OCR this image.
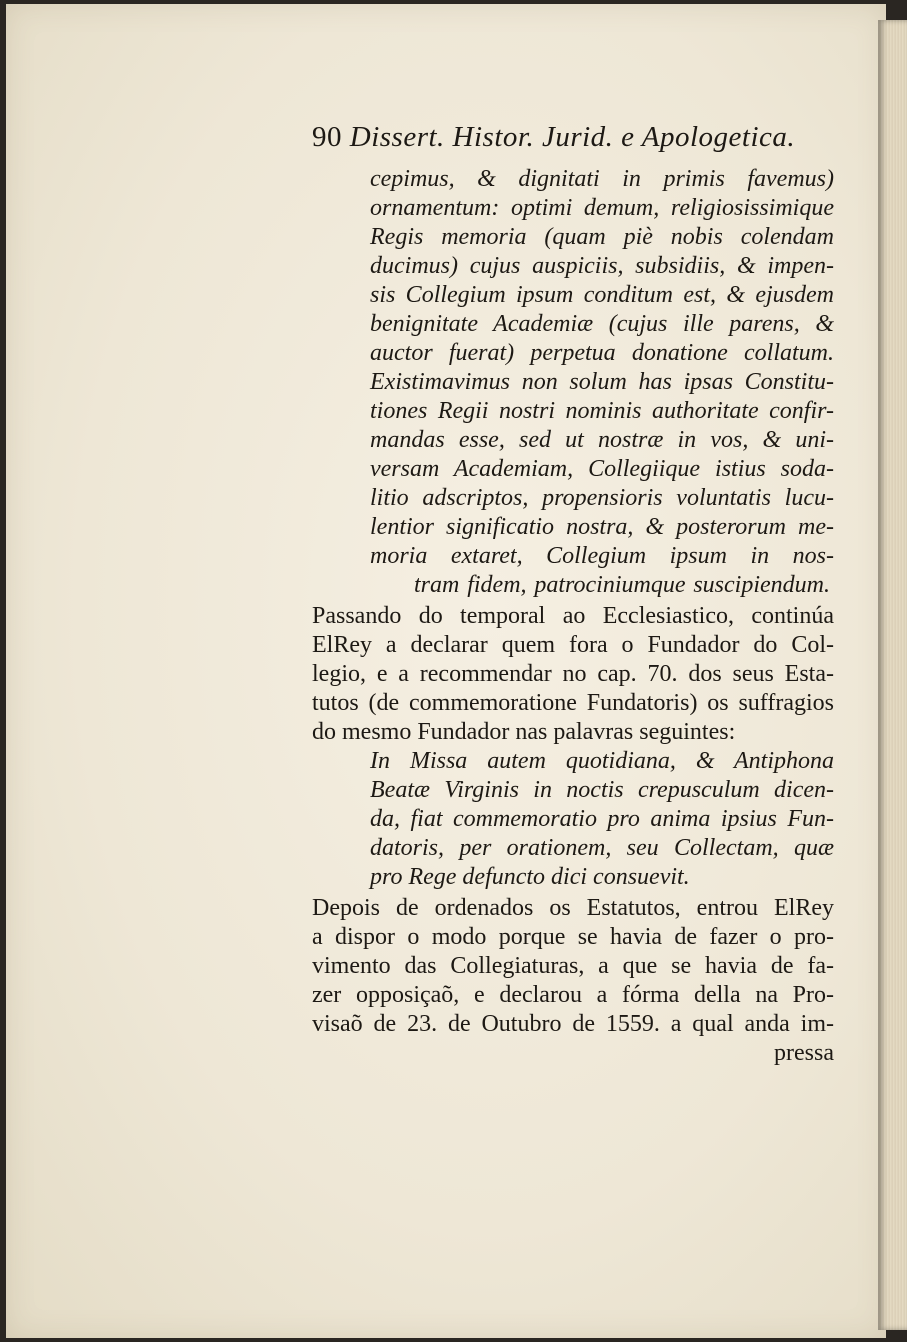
90 Dissert. Histor. Jurid. e Apologetica.
cepimus, & dignitati in primis favemus)
ornamentum: optimi demum, religiosissimique
Regis memoria (quam piè nobis colendam
ducimus) cujus auspiciis, subsidiis, & impen-
sis Collegium ipsum conditum est, & ejusdem
benignitate Academiæ (cujus ille parens, &
auctor fuerat) perpetua donatione collatum.
Existimavimus non solum has ipsas Constitu-
tiones Regii nostri nominis authoritate confir-
mandas esse, sed ut nostræ in vos, & uni-
versam Academiam, Collegiique istius soda-
litio adscriptos, propensioris voluntatis lucu-
lentior significatio nostra, & posterorum me-
moria extaret, Collegium ipsum in nos-
tram fidem, patrociniumque suscipiendum.
Passando do temporal ao Ecclesiastico, continúa
ElRey a declarar quem fora o Fundador do Col-
legio, e a recommendar no cap. 70. dos seus Esta-
tutos (de commemoratione Fundatoris) os suffragios
do mesmo Fundador nas palavras seguintes:
In Missa autem quotidiana, & Antiphona
Beatæ Virginis in noctis crepusculum dicen-
da, fiat commemoratio pro anima ipsius Fun-
datoris, per orationem, seu Collectam, quæ
pro Rege defuncto dici consuevit.
Depois de ordenados os Estatutos, entrou ElRey
a dispor o modo porque se havia de fazer o pro-
vimento das Collegiaturas, a que se havia de fa-
zer opposiçaõ, e declarou a fórma della na Pro-
visaõ de 23. de Outubro de 1559. a qual anda im-
pressa
